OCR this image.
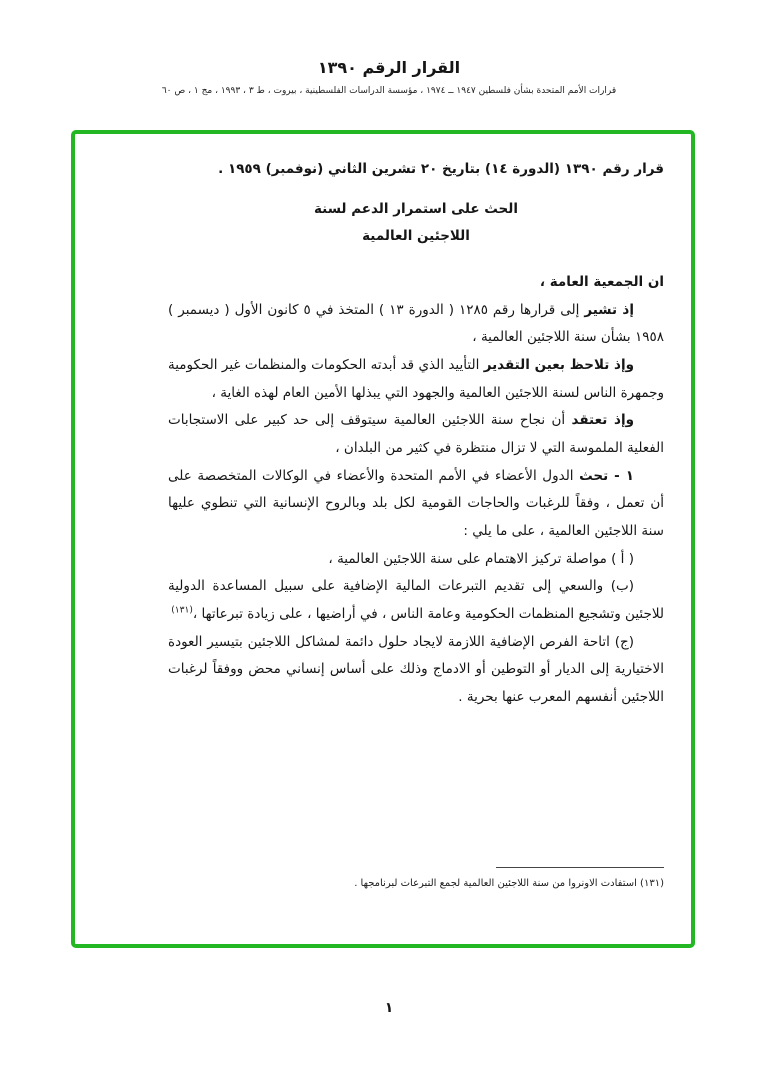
القرار الرقم ١٣٩٠
قرارات الأمم المتحدة بشأن فلسطين ١٩٤٧ ــ ١٩٧٤ ، مؤسسة الدراسات الفلسطينية ، بيروت ، ط ٣ ، ١٩٩٣ ، مج ١ ، ص ٦٠

قرار رقم ١٣٩٠ (الدورة ١٤) بتاريخ ٢٠ تشرين الثاني (نوفمبر) ١٩٥٩ .

الحث على استمرار الدعم لسنة
اللاجئين العالمية

ان الجمعية العامة ،

إذ تشير إلى قرارها رقم ١٢٨٥ ( الدورة ١٣ ) المتخذ في ٥ كانون الأول ( ديسمبر ) ١٩٥٨ بشأن سنة اللاجئين العالمية ،

وإذ تلاحظ بعين التقدير التأييد الذي قد أبدته الحكومات والمنظمات غير الحكومية وجمهرة الناس لسنة اللاجئين العالمية والجهود التي يبذلها الأمين العام لهذه الغاية ،

وإذ تعتقد أن نجاح سنة اللاجئين العالمية سيتوقف إلى حد كبير على الاستجابات الفعلية الملموسة التي لا تزال منتظرة في كثير من البلدان ،

١ - تحث الدول الأعضاء في الأمم المتحدة والأعضاء في الوكالات المتخصصة على أن تعمل ، وفقاً للرغبات والحاجات القومية لكل بلد وبالروح الإنسانية التي تنطوي عليها سنة اللاجئين العالمية ، على ما يلي :

( أ ) مواصلة تركيز الاهتمام على سنة اللاجئين العالمية ،

(ب) والسعي إلى تقديم التبرعات المالية الإضافية على سبيل المساعدة الدولية للاجئين وتشجيع المنظمات الحكومية وعامة الناس ، في أراضيها ، على زيادة تبرعاتها ،$^{(١٣١)}$

(ج) اتاحة الفرص الإضافية اللازمة لايجاد حلول دائمة لمشاكل اللاجئين بتيسير العودة الاختيارية إلى الديار أو التوطين أو الادماج وذلك على أساس إنساني محض ووفقاً لرغبات اللاجئين أنفسهم المعرب عنها بحرية .

(١٣١) استفادت الاونروا من سنة اللاجئين العالمية لجمع التبرعات لبرنامجها .
١
